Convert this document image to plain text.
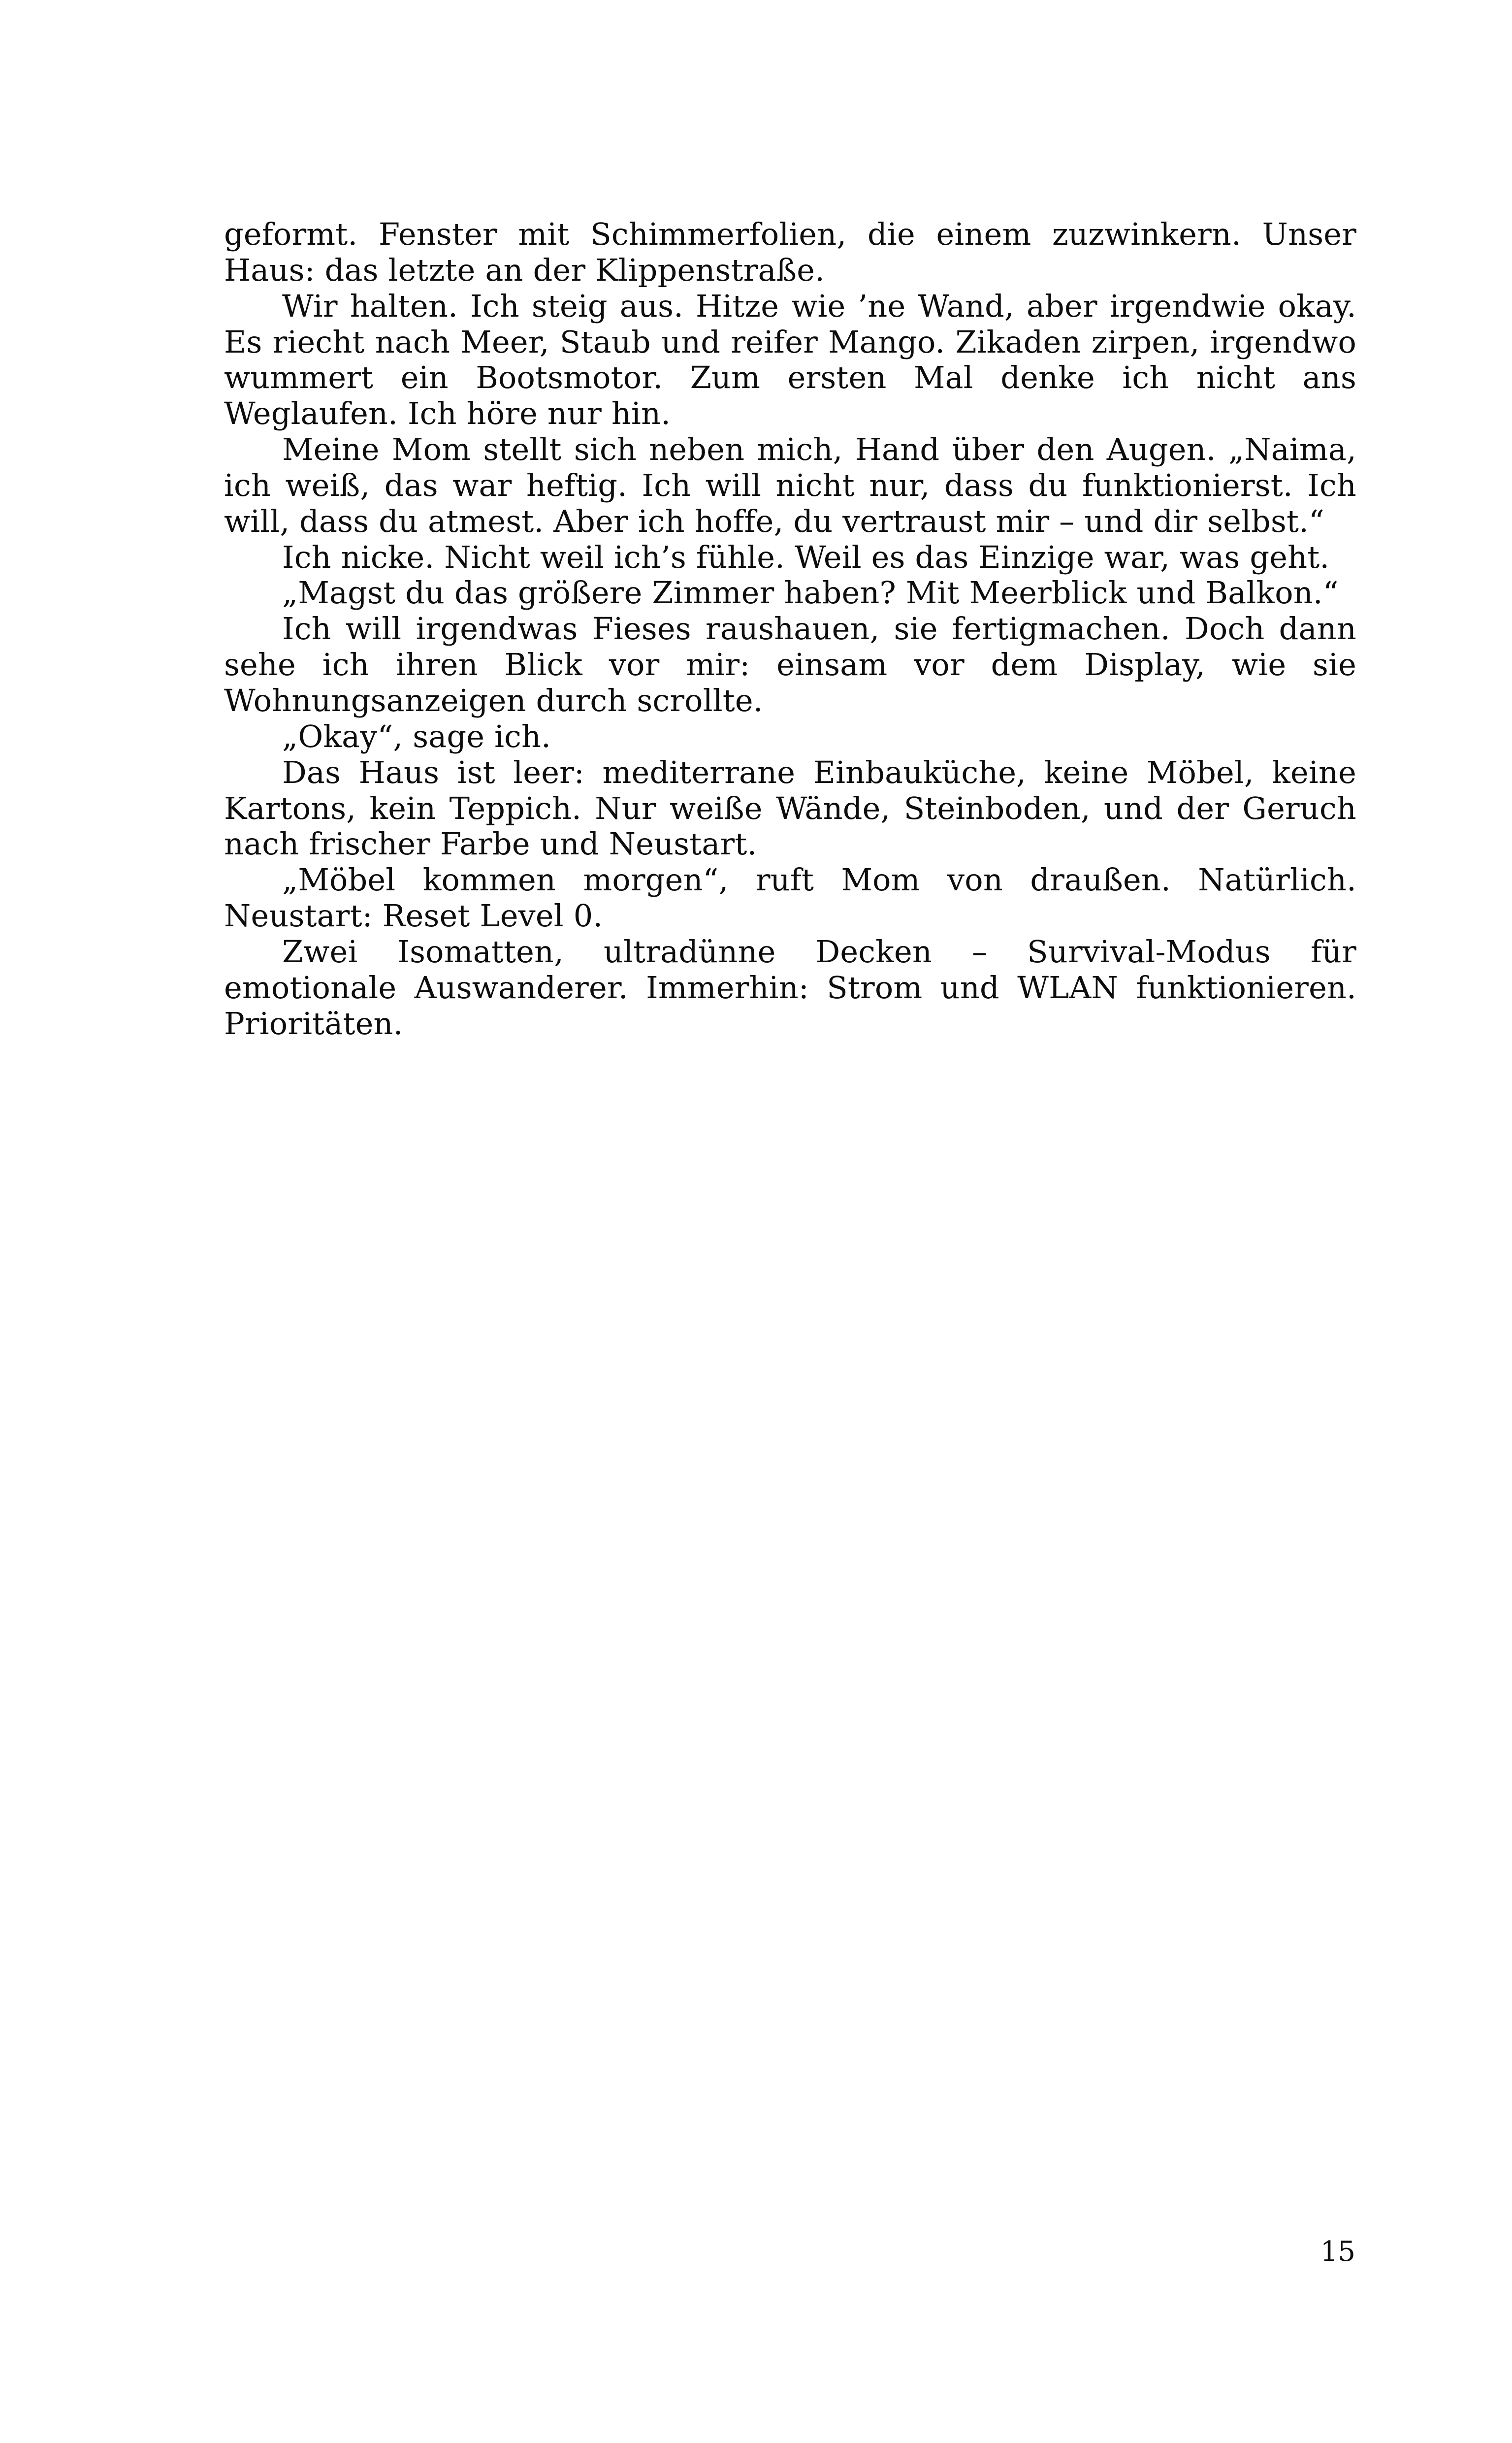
geformt. Fenster mit Schimmerfolien, die einem zuzwinkern. Unser Haus: das letzte an der Klippenstraße.

Wir halten. Ich steig aus. Hitze wie ’ne Wand, aber irgendwie okay. Es riecht nach Meer, Staub und reifer Mango. Zikaden zirpen, irgendwo wummert ein Bootsmotor. Zum ersten Mal denke ich nicht ans Weglaufen. Ich höre nur hin.

Meine Mom stellt sich neben mich, Hand über den Augen. „Naima, ich weiß, das war heftig. Ich will nicht nur, dass du funktionierst. Ich will, dass du atmest. Aber ich hoffe, du vertraust mir – und dir selbst.“

Ich nicke. Nicht weil ich’s fühle. Weil es das Einzige war, was geht.

„Magst du das größere Zimmer haben? Mit Meerblick und Balkon.“

Ich will irgendwas Fieses raushauen, sie fertigmachen. Doch dann sehe ich ihren Blick vor mir: einsam vor dem Display, wie sie Wohnungsanzeigen durch scrollte.

„Okay“, sage ich.

Das Haus ist leer: mediterrane Einbauküche, keine Möbel, keine Kartons, kein Teppich. Nur weiße Wände, Steinboden, und der Geruch nach frischer Farbe und Neustart.

„Möbel kommen morgen“, ruft Mom von draußen. Natürlich. Neustart: Reset Level 0.

Zwei Isomatten, ultradünne Decken – Survival-Modus für emotionale Auswanderer. Immerhin: Strom und WLAN funktionieren. Prioritäten.

15
